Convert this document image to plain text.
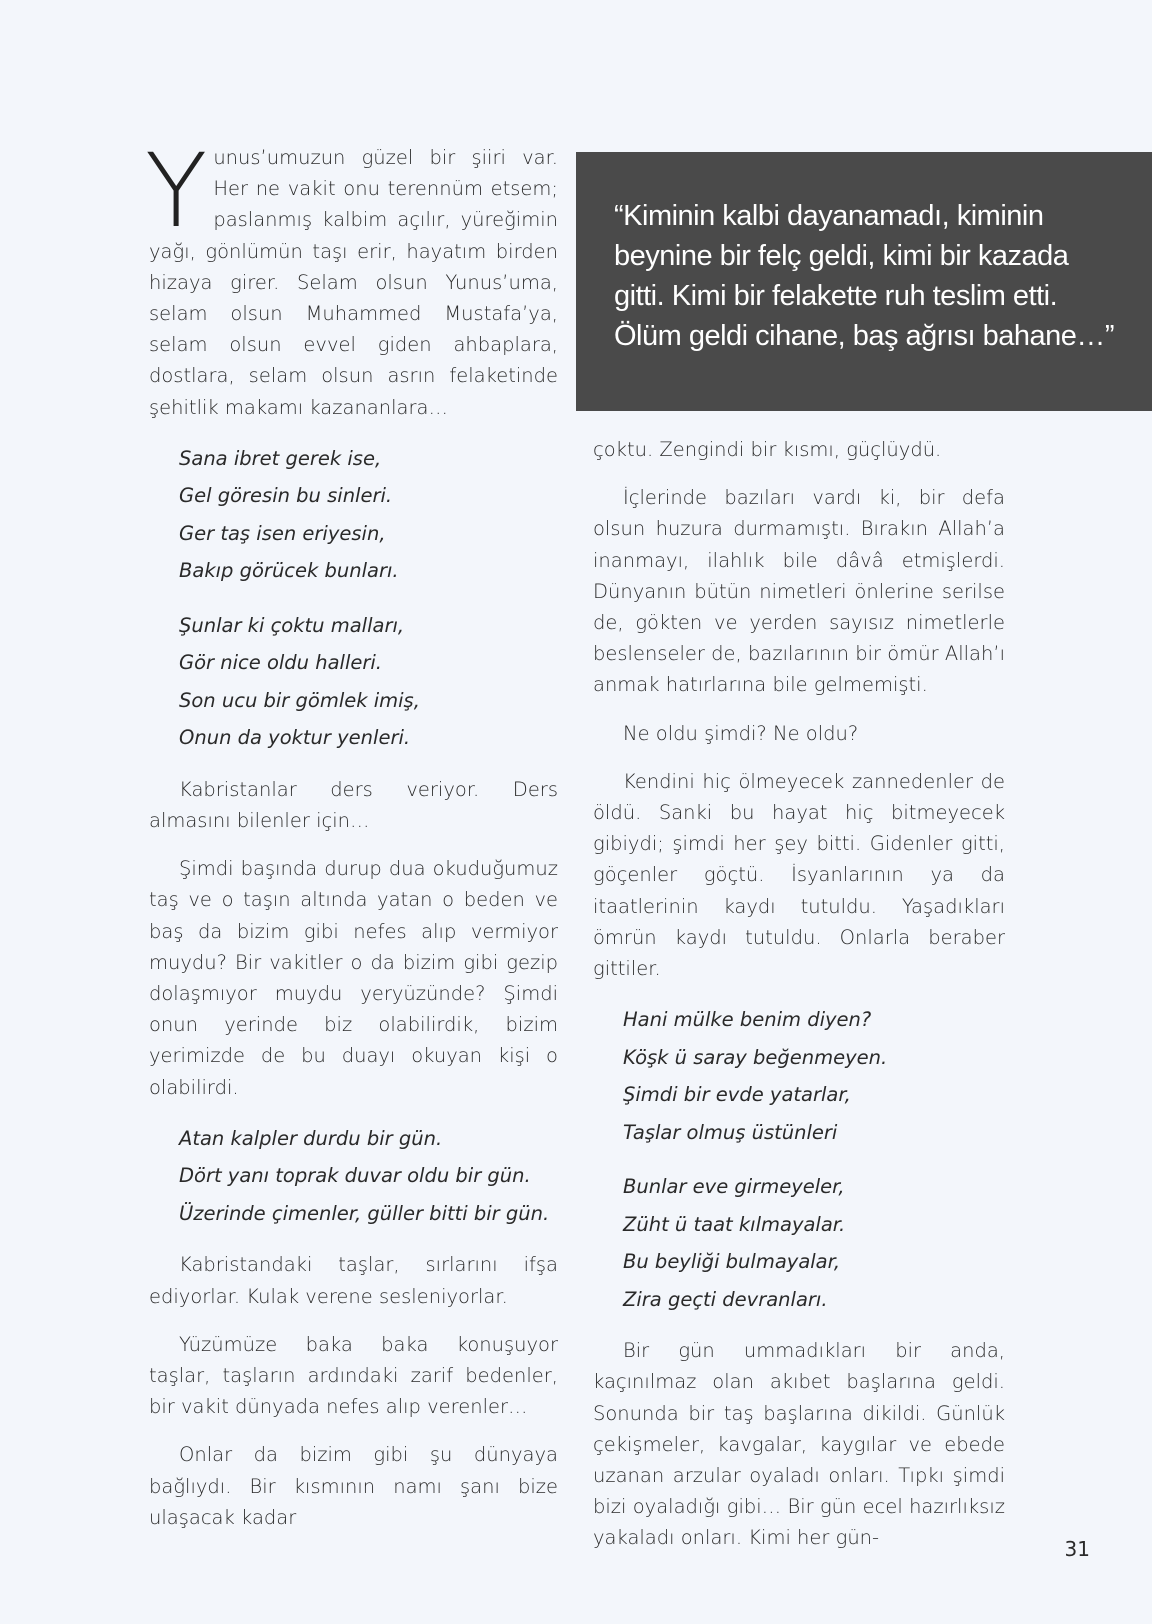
Yunus’umuzun güzel bir şiiri var. Her ne vakit onu terennüm etsem; paslanmış kalbim açılır, yüreğimin yağı, gönlümün taşı erir, hayatım birden hizaya girer. Selam olsun Yunus’uma, selam olsun Muhammed Mustafa’ya, selam olsun evvel giden ahbaplara, dostlara, selam olsun asrın felaketinde şehitlik makamı kazananlara…

Sana ibret gerek ise,
Gel göresin bu sinleri.
Ger taş isen eriyesin,
Bakıp görücek bunları.
Şunlar ki çoktu malları,
Gör nice oldu halleri.
Son ucu bir gömlek imiş,
Onun da yoktur yenleri.

Kabristanlar ders veriyor. Ders almasını bilenler için…

Şimdi başında durup dua okuduğumuz taş ve o taşın altında yatan o beden ve baş da bizim gibi nefes alıp vermiyor muydu? Bir vakitler o da bizim gibi gezip dolaşmıyor muydu yeryüzünde? Şimdi onun yerinde biz olabilirdik, bizim yerimizde de bu duayı okuyan kişi o olabilirdi.

Atan kalpler durdu bir gün.
Dört yanı toprak duvar oldu bir gün.
Üzerinde çimenler, güller bitti bir gün.

Kabristandaki taşlar, sırlarını ifşa ediyorlar. Kulak verene sesleniyorlar.

Yüzümüze baka baka konuşuyor taşlar, taşların ardındaki zarif bedenler, bir vakit dünyada nefes alıp verenler…

Onlar da bizim gibi şu dünyaya bağlıydı. Bir kısmının namı şanı bize ulaşacak kadar

“Kiminin kalbi dayanamadı, kiminin beynine bir felç geldi, kimi bir kazada gitti. Kimi bir felakette ruh teslim etti. Ölüm geldi cihane, baş ağrısı bahane…”

çoktu. Zengindi bir kısmı, güçlüydü.

İçlerinde bazıları vardı ki, bir defa olsun huzura durmamıştı. Bırakın Allah’a inanmayı, ilahlık bile dâvâ etmişlerdi. Dünyanın bütün nimetleri önlerine serilse de, gökten ve yerden sayısız nimetlerle beslenseler de, bazılarının bir ömür Allah’ı anmak hatırlarına bile gelmemişti.

Ne oldu şimdi? Ne oldu?

Kendini hiç ölmeyecek zannedenler de öldü. Sanki bu hayat hiç bitmeyecek gibiydi; şimdi her şey bitti. Gidenler gitti, göçenler göçtü. İsyanlarının ya da itaatlerinin kaydı tutuldu. Yaşadıkları ömrün kaydı tutuldu. Onlarla beraber gittiler.

Hani mülke benim diyen?
Köşk ü saray beğenmeyen.
Şimdi bir evde yatarlar,
Taşlar olmuş üstünleri
Bunlar eve girmeyeler,
Züht ü taat kılmayalar.
Bu beyliği bulmayalar,
Zira geçti devranları.

Bir gün ummadıkları bir anda, kaçınılmaz olan akıbet başlarına geldi. Sonunda bir taş başlarına dikildi. Günlük çekişmeler, kavgalar, kaygılar ve ebede uzanan arzular oyaladı onları. Tıpkı şimdi bizi oyaladığı gibi… Bir gün ecel hazırlıksız yakaladı onları. Kimi her gün-	31
